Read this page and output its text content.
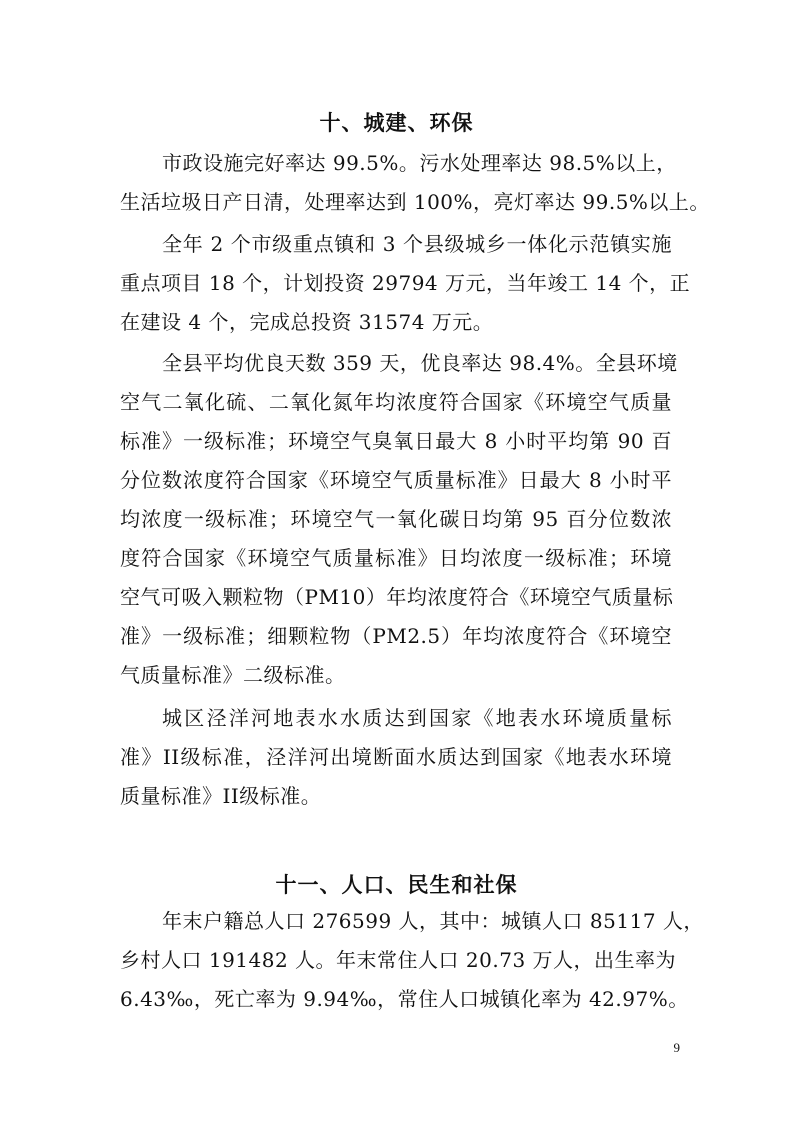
十、城建、环保
市政设施完好率达 99.5%。污水处理率达 98.5%以上，
生活垃圾日产日清，处理率达到 100%，亮灯率达 99.5%以上。
全年 2 个市级重点镇和 3 个县级城乡一体化示范镇实施
重点项目 18 个，计划投资 29794 万元，当年竣工 14 个，正
在建设 4 个，完成总投资 31574 万元。
全县平均优良天数 359 天，优良率达 98.4%。全县环境
空气二氧化硫、二氧化氮年均浓度符合国家《环境空气质量
标准》一级标准；环境空气臭氧日最大 8 小时平均第 90 百
分位数浓度符合国家《环境空气质量标准》日最大 8 小时平
均浓度一级标准；环境空气一氧化碳日均第 95 百分位数浓
度符合国家《环境空气质量标准》日均浓度一级标准；环境
空气可吸入颗粒物（PM10）年均浓度符合《环境空气质量标
准》一级标准；细颗粒物（PM2.5）年均浓度符合《环境空
气质量标准》二级标准。
城区泾洋河地表水水质达到国家《地表水环境质量标
准》II级标准，泾洋河出境断面水质达到国家《地表水环境
质量标准》II级标准。
十一、人口、民生和社保
年末户籍总人口 276599 人，其中：城镇人口 85117 人，
乡村人口 191482 人。年末常住人口 20.73 万人，出生率为
6.43‰，死亡率为 9.94‰，常住人口城镇化率为 42.97%。
9
